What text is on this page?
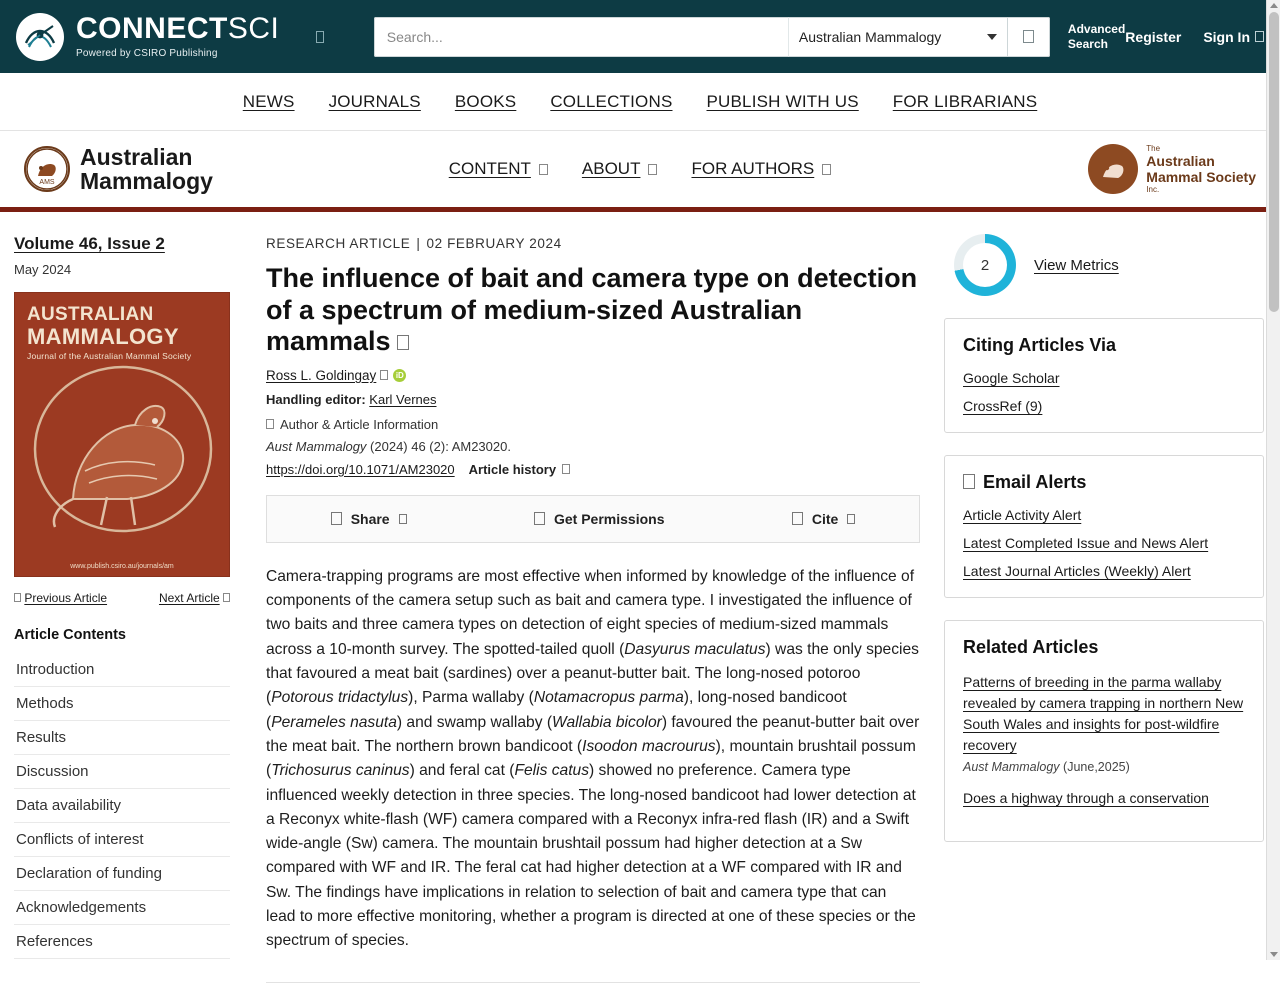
CONNECTSCI Powered by CSIRO Publishing
Search...
Australian Mammalogy	Advanced Search	Register Sign In
NEWS JOURNALS BOOKS COLLECTIONS PUBLISH WITH US FOR LIBRARIANS
AMS
Australian
Mammalogy	CONTENT	ABOUT	FOR AUTHORS
The
Australian
Mammal Society
Inc.
Volume 46, Issue 2
May 2024
AUSTRALIAN
MAMMALOGY
Journal of the Australian Mammal Society
www.publish.csiro.au/journals/am
Previous Article	Next Article
Article Contents
Introduction
Methods
Results
Discussion
Data availability
Conflicts of interest
Declaration of funding
Acknowledgements
References
RESEARCH ARTICLE | 02 FEBRUARY 2024
The influence of bait and camera type on detection of a spectrum of medium-sized Australian mammals
Ross L. GoldingayiD
Handling editor: Karl Vernes
Author & Article Information
Aust Mammalogy (2024) 46 (2): AM23020.
https://doi.org/10.1071/AM23020 Article history
Share	Get Permissions	Cite
Camera-trapping programs are most effective when informed by knowledge of the influence of components of the camera setup such as bait and camera type. I investigated the influence of two baits and three camera types on detection of eight species of medium-sized mammals across a 10-month survey. The spotted-tailed quoll (Dasyurus maculatus) was the only species that favoured a meat bait (sardines) over a peanut-butter bait. The long-nosed potoroo (Potorous tridactylus), Parma wallaby (Notamacropus parma), long-nosed bandicoot (Perameles nasuta) and swamp wallaby (Wallabia bicolor) favoured the peanut-butter bait over the meat bait. The northern brown bandicoot (Isoodon macrourus), mountain brushtail possum (Trichosurus caninus) and feral cat (Felis catus) showed no preference. Camera type influenced weekly detection in three species. The long-nosed bandicoot had lower detection at a Reconyx white-flash (WF) camera compared with a Reconyx infra-red flash (IR) and a Swift wide-angle (Sw) camera. The mountain brushtail possum had higher detection at a Sw compared with WF and IR. The feral cat had higher detection at a WF compared with IR and Sw. The findings have implications in relation to selection of bait and camera type that can lead to more effective monitoring, whether a program is directed at one of these species or the spectrum of species.
2	View Metrics
Citing Articles Via
Google Scholar
CrossRef (9)
Email Alerts
Article Activity Alert
Latest Completed Issue and News Alert
Latest Journal Articles (Weekly) Alert
Related Articles
Patterns of breeding in the parma wallaby revealed by camera trapping in northern New South Wales and insights for post-wildfire recovery
Aust Mammalogy (June,2025)
Does a highway through a conservation
